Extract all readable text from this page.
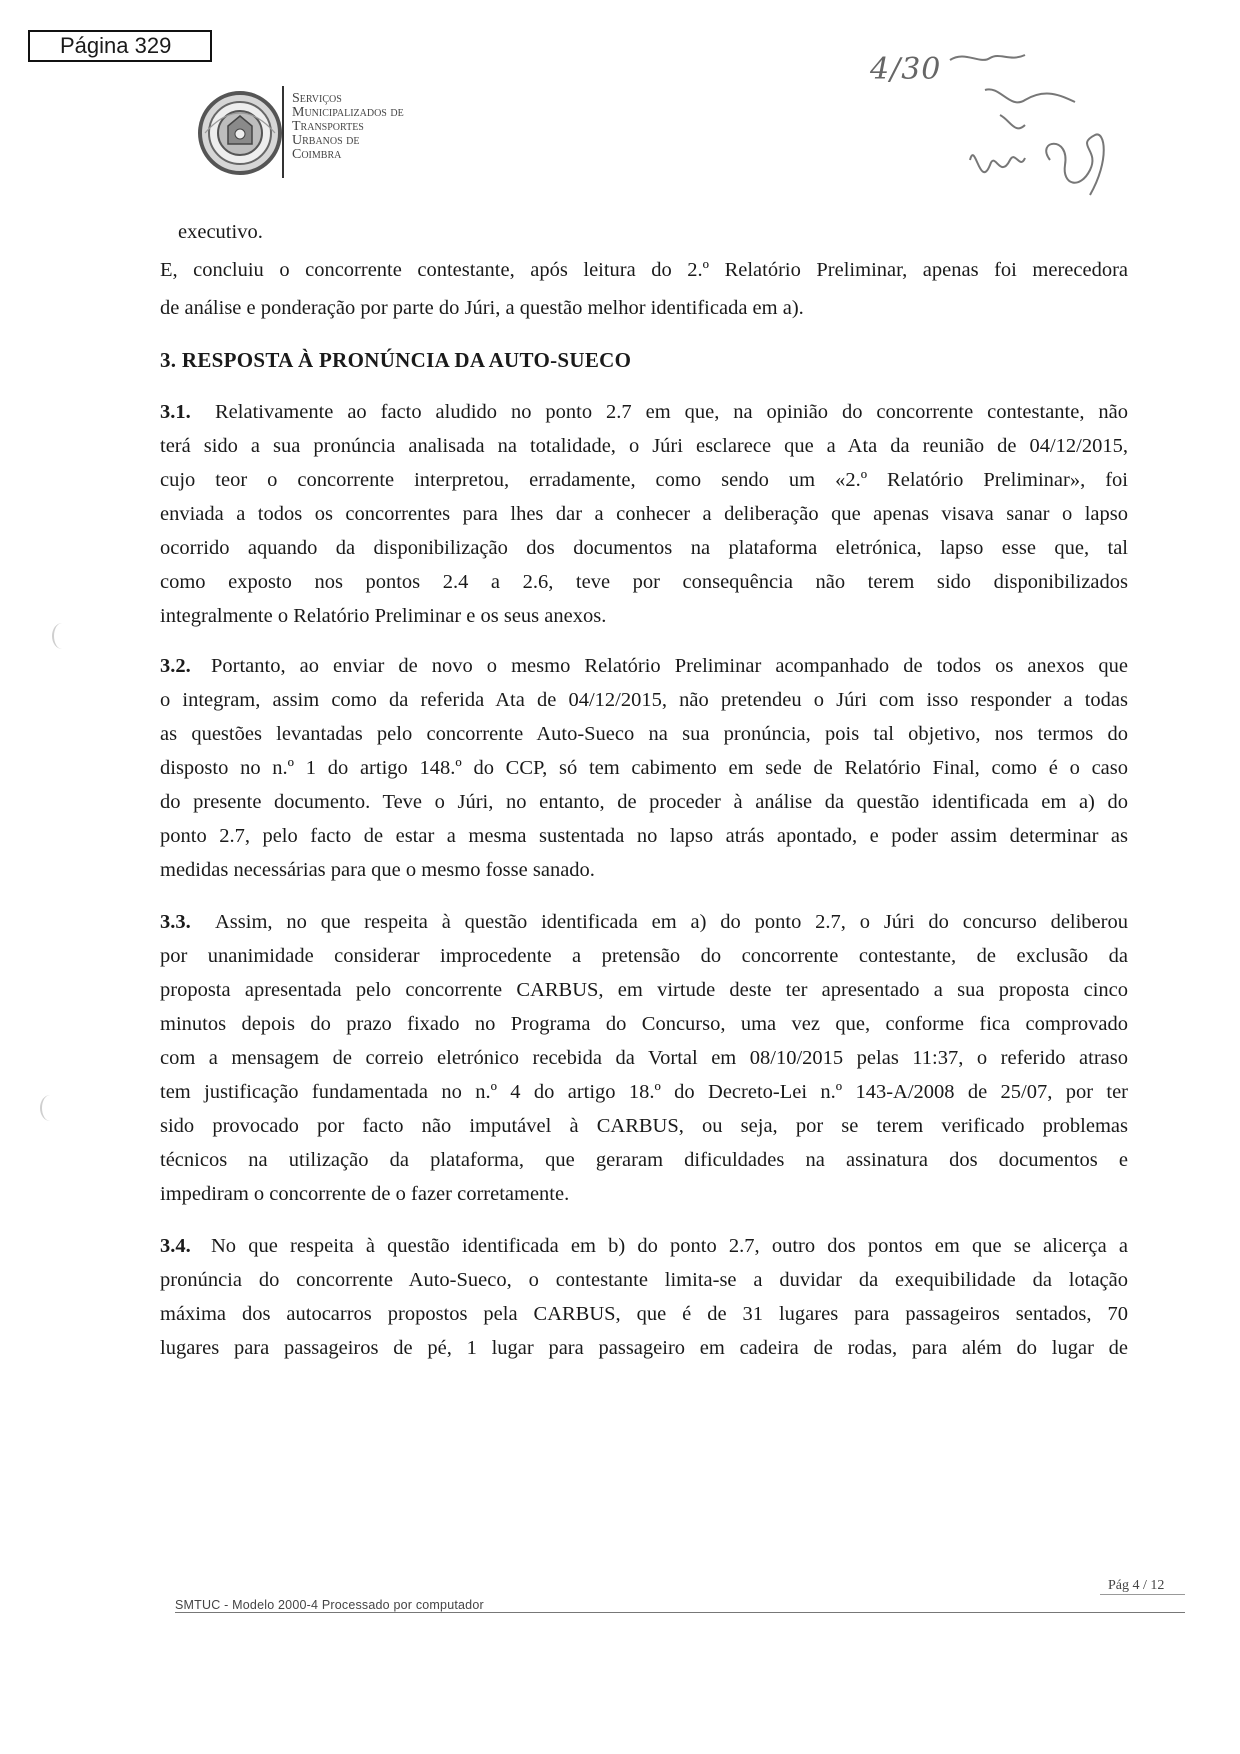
Página 329
Serviços
Municipalizados de
Transportes
Urbanos de
Coimbra
4/30
executivo.
E, concluiu o concorrente contestante, após leitura do 2.º Relatório Preliminar, apenas foi merecedora
de análise e ponderação por parte do Júri, a questão melhor identificada em a).
3. RESPOSTA À PRONÚNCIA DA AUTO-SUECO
3.1. Relativamente ao facto aludido no ponto 2.7 em que, na opinião do concorrente contestante, não
terá sido a sua pronúncia analisada na totalidade, o Júri esclarece que a Ata da reunião de 04/12/2015,
cujo teor o concorrente interpretou, erradamente, como sendo um «2.º Relatório Preliminar», foi
enviada a todos os concorrentes para lhes dar a conhecer a deliberação que apenas visava sanar o lapso
ocorrido aquando da disponibilização dos documentos na plataforma eletrónica, lapso esse que, tal
como exposto nos pontos 2.4 a 2.6, teve por consequência não terem sido disponibilizados
integralmente o Relatório Preliminar e os seus anexos.
3.2. Portanto, ao enviar de novo o mesmo Relatório Preliminar acompanhado de todos os anexos que
o integram, assim como da referida Ata de 04/12/2015, não pretendeu o Júri com isso responder a todas
as questões levantadas pelo concorrente Auto-Sueco na sua pronúncia, pois tal objetivo, nos termos do
disposto no n.º 1 do artigo 148.º do CCP, só tem cabimento em sede de Relatório Final, como é o caso
do presente documento. Teve o Júri, no entanto, de proceder à análise da questão identificada em a) do
ponto 2.7, pelo facto de estar a mesma sustentada no lapso atrás apontado, e poder assim determinar as
medidas necessárias para que o mesmo fosse sanado.
3.3. Assim, no que respeita à questão identificada em a) do ponto 2.7, o Júri do concurso deliberou
por unanimidade considerar improcedente a pretensão do concorrente contestante, de exclusão da
proposta apresentada pelo concorrente CARBUS, em virtude deste ter apresentado a sua proposta cinco
minutos depois do prazo fixado no Programa do Concurso, uma vez que, conforme fica comprovado
com a mensagem de correio eletrónico recebida da Vortal em 08/10/2015 pelas 11:37, o referido atraso
tem justificação fundamentada no n.º 4 do artigo 18.º do Decreto-Lei n.º 143-A/2008 de 25/07, por ter
sido provocado por facto não imputável à CARBUS, ou seja, por se terem verificado problemas
técnicos na utilização da plataforma, que geraram dificuldades na assinatura dos documentos e
impediram o concorrente de o fazer corretamente.
3.4. No que respeita à questão identificada em b) do ponto 2.7, outro dos pontos em que se alicerça a
pronúncia do concorrente Auto-Sueco, o contestante limita-se a duvidar da exequibilidade da lotação
máxima dos autocarros propostos pela CARBUS, que é de 31 lugares para passageiros sentados, 70
lugares para passageiros de pé, 1 lugar para passageiro em cadeira de rodas, para além do lugar de
Pág 4 / 12
SMTUC - Modelo 2000-4 Processado por computador
